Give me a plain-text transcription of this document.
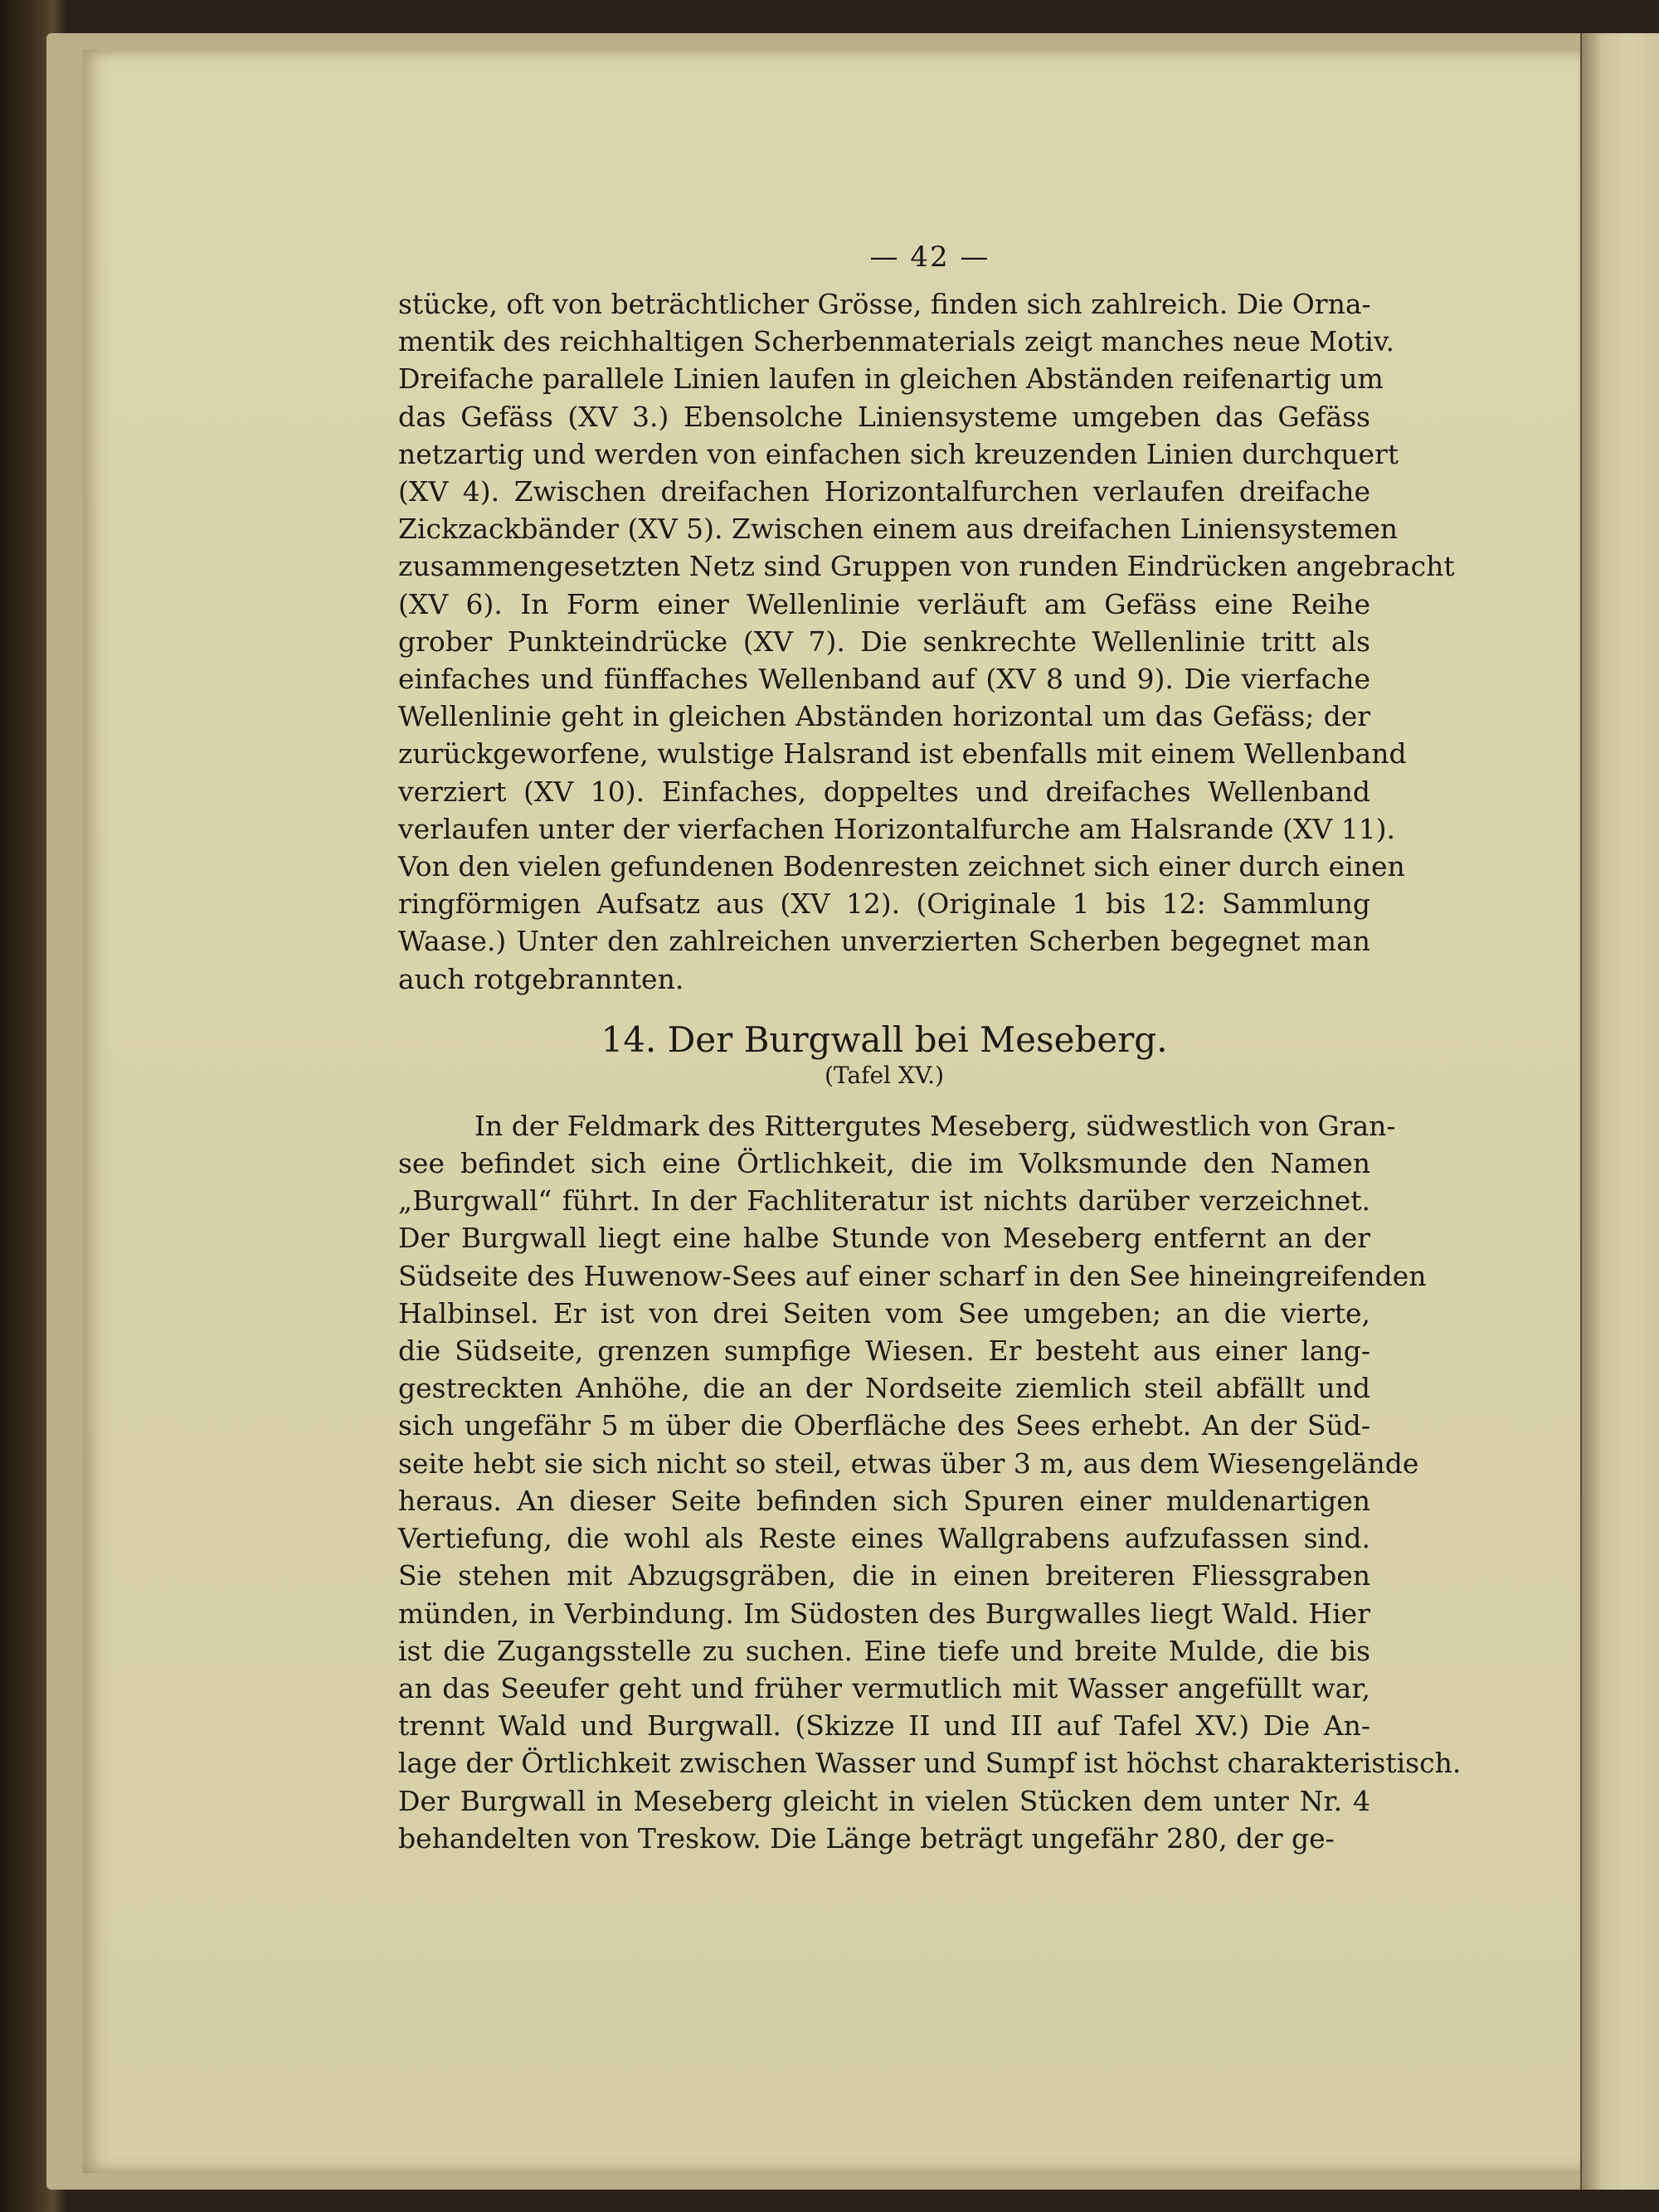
— 42 —

stücke, oft von beträchtlicher Grösse, finden sich zahlreich. Die Orna-
mentik des reichhaltigen Scherbenmaterials zeigt manches neue Motiv.
Dreifache parallele Linien laufen in gleichen Abständen reifenartig um
das Gefäss (XV 3.) Ebensolche Liniensysteme umgeben das Gefäss
netzartig und werden von einfachen sich kreuzenden Linien durchquert
(XV 4). Zwischen dreifachen Horizontalfurchen verlaufen dreifache
Zickzackbänder (XV 5). Zwischen einem aus dreifachen Liniensystemen
zusammengesetzten Netz sind Gruppen von runden Eindrücken angebracht
(XV 6). In Form einer Wellenlinie verläuft am Gefäss eine Reihe
grober Punkteindrücke (XV 7). Die senkrechte Wellenlinie tritt als
einfaches und fünffaches Wellenband auf (XV 8 und 9). Die vierfache
Wellenlinie geht in gleichen Abständen horizontal um das Gefäss; der
zurückgeworfene, wulstige Halsrand ist ebenfalls mit einem Wellenband
verziert (XV 10). Einfaches, doppeltes und dreifaches Wellenband
verlaufen unter der vierfachen Horizontalfurche am Halsrande (XV 11).
Von den vielen gefundenen Bodenresten zeichnet sich einer durch einen
ringförmigen Aufsatz aus (XV 12). (Originale 1 bis 12: Sammlung
Waase.) Unter den zahlreichen unverzierten Scherben begegnet man
auch rotgebrannten.

14. Der Burgwall bei Meseberg.
(Tafel XV.)

In der Feldmark des Rittergutes Meseberg, südwestlich von Gran-
see befindet sich eine Örtlichkeit, die im Volksmunde den Namen
„Burgwall“ führt. In der Fachliteratur ist nichts darüber verzeichnet.
Der Burgwall liegt eine halbe Stunde von Meseberg entfernt an der
Südseite des Huwenow-Sees auf einer scharf in den See hineingreifenden
Halbinsel. Er ist von drei Seiten vom See umgeben; an die vierte,
die Südseite, grenzen sumpfige Wiesen. Er besteht aus einer lang-
gestreckten Anhöhe, die an der Nordseite ziemlich steil abfällt und
sich ungefähr 5 m über die Oberfläche des Sees erhebt. An der Süd-
seite hebt sie sich nicht so steil, etwas über 3 m, aus dem Wiesengelände
heraus. An dieser Seite befinden sich Spuren einer muldenartigen
Vertiefung, die wohl als Reste eines Wallgrabens aufzufassen sind.
Sie stehen mit Abzugsgräben, die in einen breiteren Fliessgraben
münden, in Verbindung. Im Südosten des Burgwalles liegt Wald. Hier
ist die Zugangsstelle zu suchen. Eine tiefe und breite Mulde, die bis
an das Seeufer geht und früher vermutlich mit Wasser angefüllt war,
trennt Wald und Burgwall. (Skizze II und III auf Tafel XV.) Die An-
lage der Örtlichkeit zwischen Wasser und Sumpf ist höchst charakteristisch.
Der Burgwall in Meseberg gleicht in vielen Stücken dem unter Nr. 4
behandelten von Treskow. Die Länge beträgt ungefähr 280, der ge-
